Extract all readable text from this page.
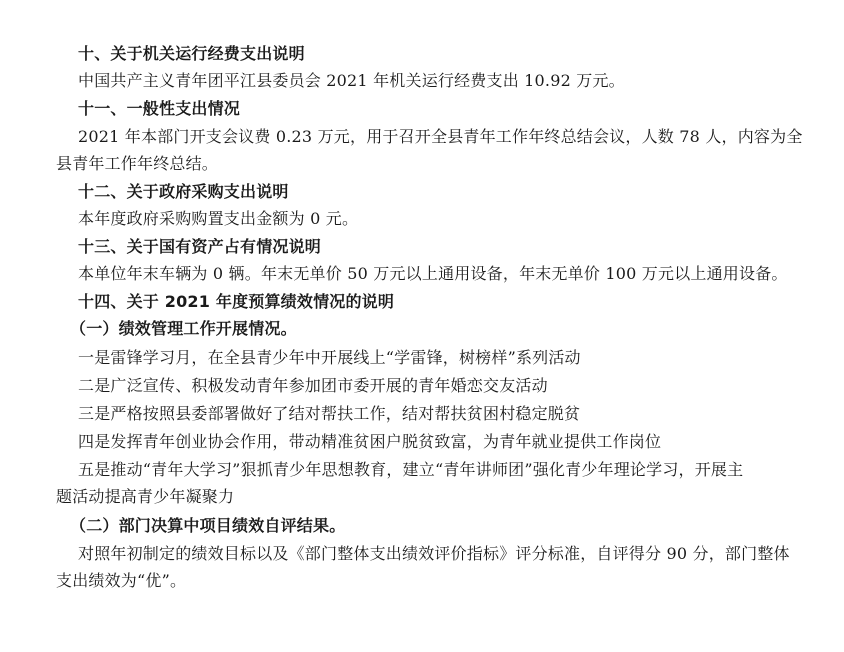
十、关于机关运行经费支出说明
中国共产主义青年团平江县委员会 2021 年机关运行经费支出 10.92 万元。
十一、一般性支出情况
2021 年本部门开支会议费 0.23 万元，用于召开全县青年工作年终总结会议，人数 78 人，内容为全
县青年工作年终总结。
十二、关于政府采购支出说明
本年度政府采购购置支出金额为 0 元。
十三、关于国有资产占有情况说明
本单位年末车辆为 0 辆。年末无单价 50 万元以上通用设备，年末无单价 100 万元以上通用设备。
十四、关于 2021 年度预算绩效情况的说明
（一）绩效管理工作开展情况。
一是雷锋学习月，在全县青少年中开展线上“学雷锋，树榜样”系列活动
二是广泛宣传、积极发动青年参加团市委开展的青年婚恋交友活动
三是严格按照县委部署做好了结对帮扶工作，结对帮扶贫困村稳定脱贫
四是发挥青年创业协会作用，带动精准贫困户脱贫致富，为青年就业提供工作岗位
五是推动“青年大学习”狠抓青少年思想教育，建立“青年讲师团”强化青少年理论学习，开展主
题活动提高青少年凝聚力
（二）部门决算中项目绩效自评结果。
对照年初制定的绩效目标以及《部门整体支出绩效评价指标》评分标准，自评得分 90 分，部门整体
支出绩效为“优”。
